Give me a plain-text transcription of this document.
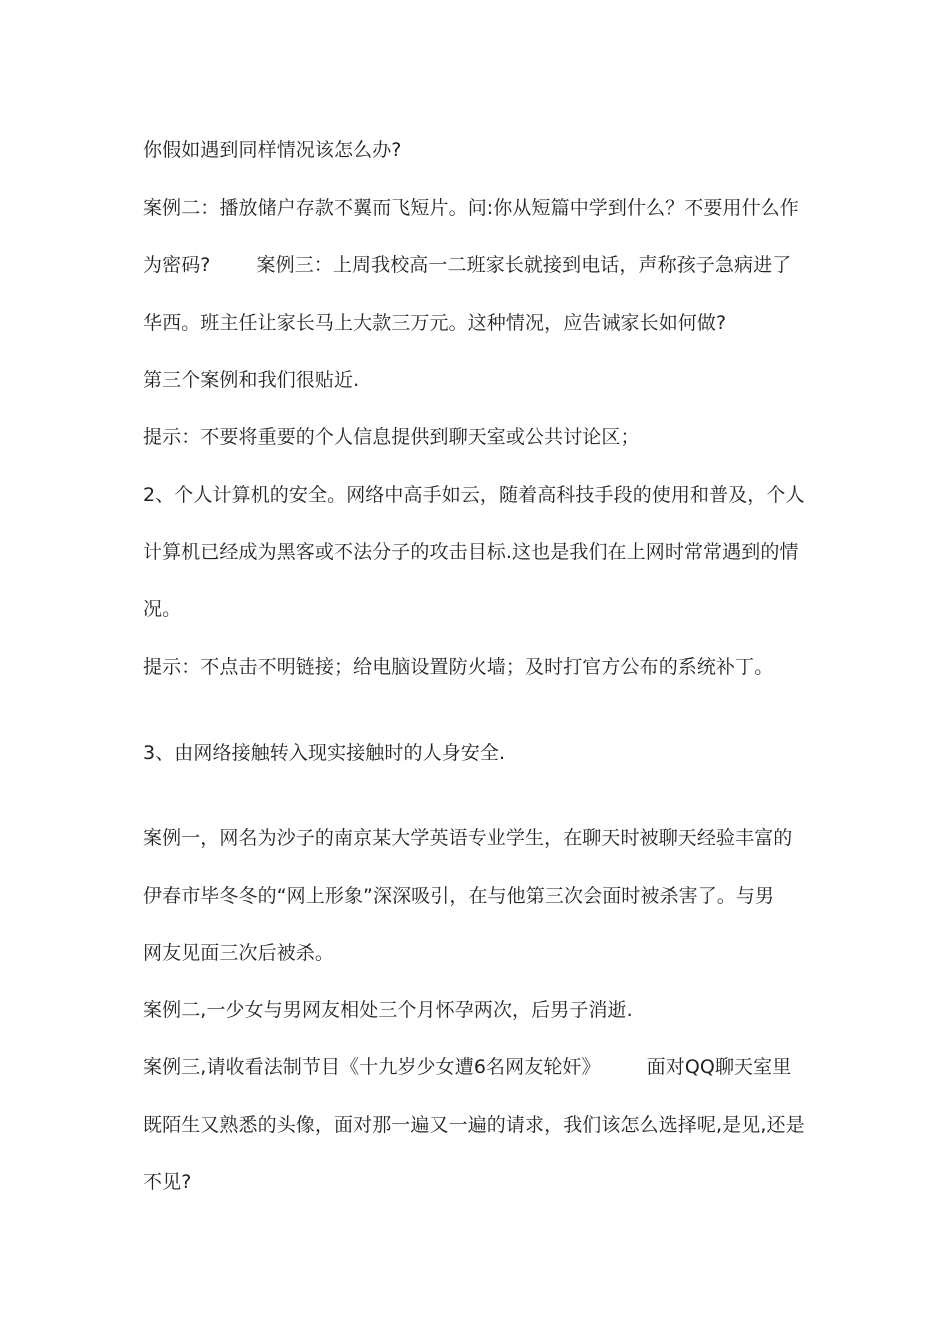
你假如遇到同样情况该怎么办?
案例二：播放储户存款不翼而飞短片。问:你从短篇中学到什么？不要用什么作
为密码? 案例三：上周我校高一二班家长就接到电话，声称孩子急病进了
华西。班主任让家长马上大款三万元。这种情况，应告诫家长如何做?
第三个案例和我们很贴近.
提示：不要将重要的个人信息提供到聊天室或公共讨论区；
2、个人计算机的安全。网络中高手如云，随着高科技手段的使用和普及，个人
计算机已经成为黑客或不法分子的攻击目标.这也是我们在上网时常常遇到的情
况。
提示：不点击不明链接；给电脑设置防火墙；及时打官方公布的系统补丁。
3、由网络接触转入现实接触时的人身安全.
案例一，网名为沙子的南京某大学英语专业学生，在聊天时被聊天经验丰富的
伊春市毕冬冬的“网上形象”深深吸引，在与他第三次会面时被杀害了。与男
网友见面三次后被杀。
案例二,一少女与男网友相处三个月怀孕两次，后男子消逝.
案例三,请收看法制节目《十九岁少女遭6名网友轮奸》 面对QQ聊天室里
既陌生又熟悉的头像，面对那一遍又一遍的请求，我们该怎么选择呢,是见,还是
不见?
